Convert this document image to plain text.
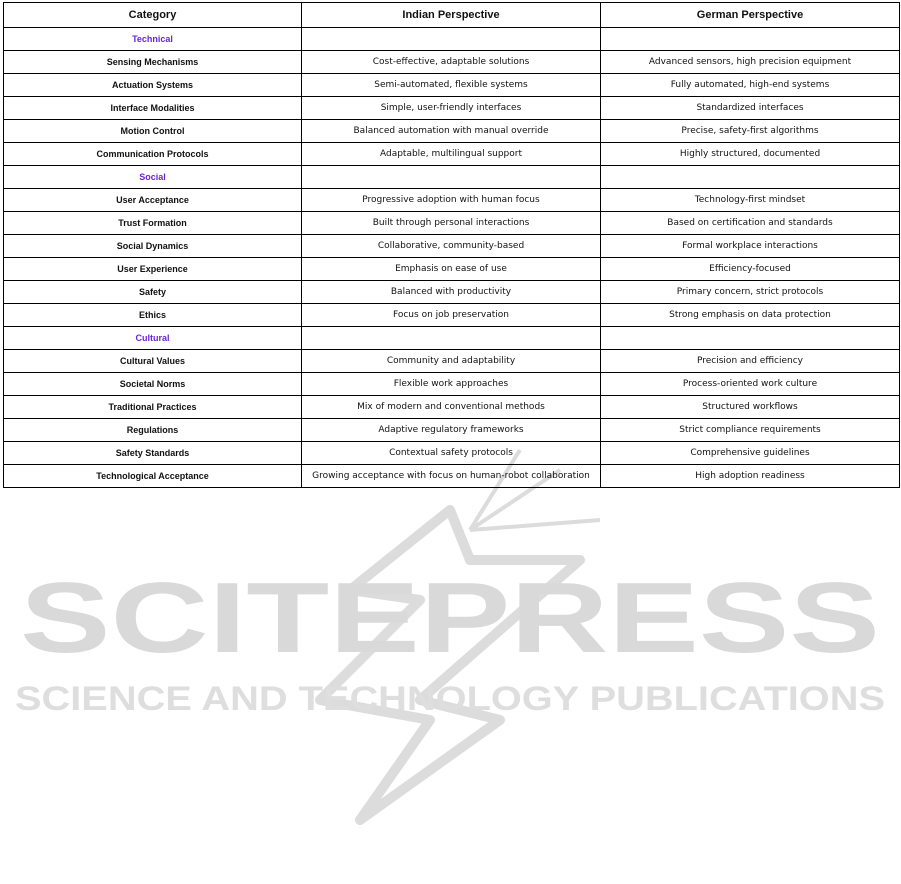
SCITEPRESS
SCIENCE AND TECHNOLOGY PUBLICATIONS
Category	Indian Perspective	German Perspective
Technical		
Sensing Mechanisms	Cost-effective, adaptable solutions	Advanced sensors, high precision equipment
Actuation Systems	Semi-automated, flexible systems	Fully automated, high-end systems
Interface Modalities	Simple, user-friendly interfaces	Standardized interfaces
Motion Control	Balanced automation with manual override	Precise, safety-first algorithms
Communication Protocols	Adaptable, multilingual support	Highly structured, documented
Social		
User Acceptance	Progressive adoption with human focus	Technology-first mindset
Trust Formation	Built through personal interactions	Based on certification and standards
Social Dynamics	Collaborative, community-based	Formal workplace interactions
User Experience	Emphasis on ease of use	Efficiency-focused
Safety	Balanced with productivity	Primary concern, strict protocols
Ethics	Focus on job preservation	Strong emphasis on data protection
Cultural		
Cultural Values	Community and adaptability	Precision and efficiency
Societal Norms	Flexible work approaches	Process-oriented work culture
Traditional Practices	Mix of modern and conventional methods	Structured workflows
Regulations	Adaptive regulatory frameworks	Strict compliance requirements
Safety Standards	Contextual safety protocols	Comprehensive guidelines
Technological Acceptance	Growing acceptance with focus on human-robot collaboration	High adoption readiness
